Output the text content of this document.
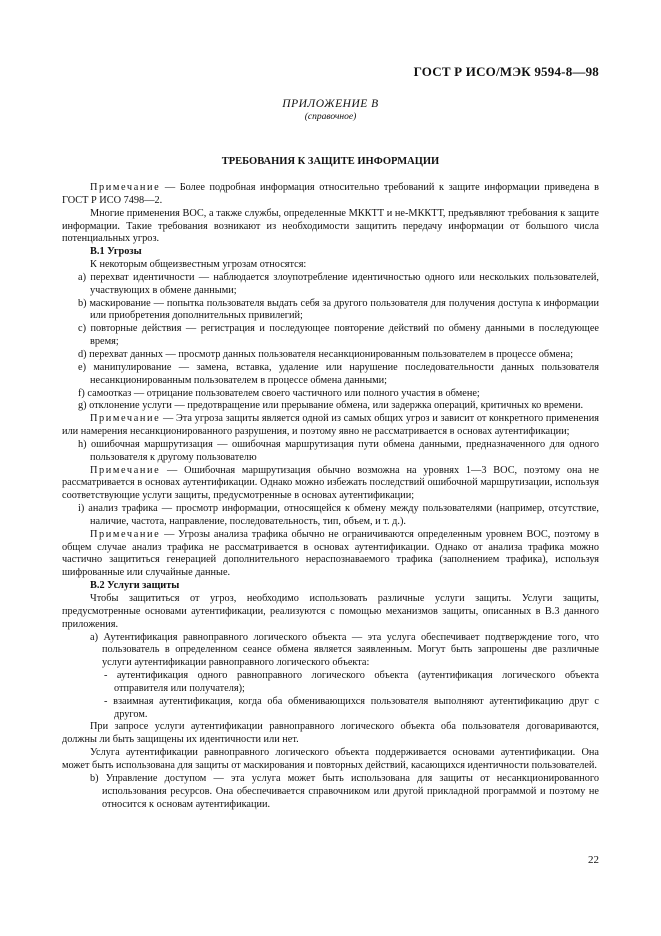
ГОСТ Р ИСО/МЭК 9594-8—98
ПРИЛОЖЕНИЕ В
(справочное)
ТРЕБОВАНИЯ К ЗАЩИТЕ ИНФОРМАЦИИ

Примечание — Более подробная информация относительно требований к защите информации приведена в ГОСТ Р ИСО 7498—2.

Многие применения ВОС, а также службы, определенные МККТТ и не-МККТТ, предъявляют требования к защите информации. Такие требования возникают из необходимости защитить передачу информации от большого числа потенциальных угроз.

В.1 Угрозы

К некоторым общеизвестным угрозам относятся:

a) перехват идентичности — наблюдается злоупотребление идентичностью одного или нескольких пользователей, участвующих в обмене данными;

b) маскирование — попытка пользователя выдать себя за другого пользователя для получения доступа к информации или приобретения дополнительных привилегий;

c) повторные действия — регистрация и последующее повторение действий по обмену данными в последующее время;

d) перехват данных — просмотр данных пользователя несанкционированным пользователем в процессе обмена;

e) манипулирование — замена, вставка, удаление или нарушение последовательности данных пользователя несанкционированным пользователем в процессе обмена данными;

f) самоотказ — отрицание пользователем своего частичного или полного участия в обмене;

g) отклонение услуги — предотвращение или прерывание обмена, или задержка операций, критичных ко времени.

Примечание — Эта угроза защиты является одной из самых общих угроз и зависит от конкретного применения или намерения несанкционированного разрушения, и поэтому явно не рассматривается в основах аутентификации;

h) ошибочная маршрутизация — ошибочная маршрутизация пути обмена данными, предназначенного для одного пользователя к другому пользователю

Примечание — Ошибочная маршрутизация обычно возможна на уровнях 1—3 ВОС, поэтому она не рассматривается в основах аутентификации. Однако можно избежать последствий ошибочной маршрутизации, используя соответствующие услуги защиты, предусмотренные в основах аутентификации;

i) анализ трафика — просмотр информации, относящейся к обмену между пользователями (например, отсутствие, наличие, частота, направление, последовательность, тип, объем, и т. д.).

Примечание — Угрозы анализа трафика обычно не ограничиваются определенным уровнем ВОС, поэтому в общем случае анализ трафика не рассматривается в основах аутентификации. Однако от анализа трафика можно частично защититься генерацией дополнительного нераспознаваемого трафика (заполнением трафика), используя шифрованные или случайные данные.

В.2 Услуги защиты

Чтобы защититься от угроз, необходимо использовать различные услуги защиты. Услуги защиты, предусмотренные основами аутентификации, реализуются с помощью механизмов защиты, описанных в В.3 данного приложения.

a) Аутентификация равноправного логического объекта — эта услуга обеспечивает подтверждение того, что пользователь в определенном сеансе обмена является заявленным. Могут быть запрошены две различные услуги аутентификации равноправного логического объекта:

- аутентификация одного равноправного логического объекта (аутентификация логического объекта отправителя или получателя);

- взаимная аутентификация, когда оба обменивающихся пользователя выполняют аутентификацию друг с другом.

При запросе услуги аутентификации равноправного логического объекта оба пользователя договариваются, должны ли быть защищены их идентичности или нет.

Услуга аутентификации равноправного логического объекта поддерживается основами аутентификации. Она может быть использована для защиты от маскирования и повторных действий, касающихся идентичности пользователей.

b) Управление доступом — эта услуга может быть использована для защиты от несанкционированного использования ресурсов. Она обеспечивается справочником или другой прикладной программой и поэтому не относится к основам аутентификации.

22
